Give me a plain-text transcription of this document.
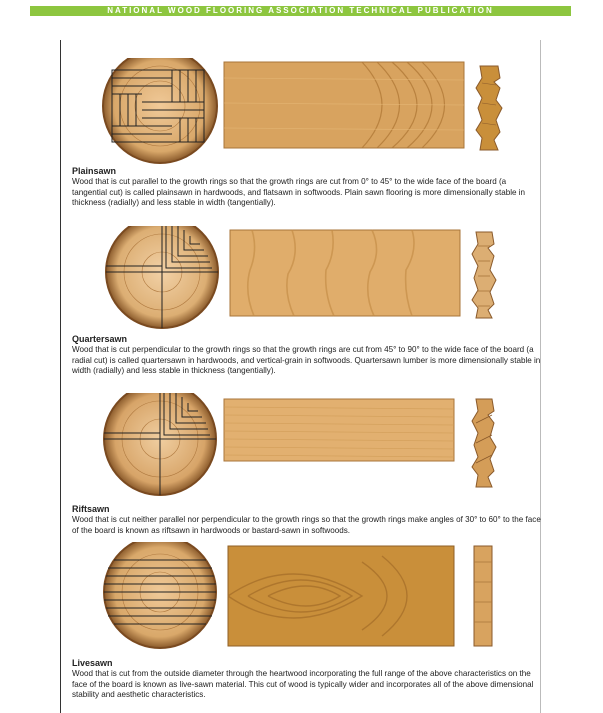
NATIONAL WOOD FLOORING ASSOCIATION TECHNICAL PUBLICATION
Plainsawn
Wood that is cut parallel to the growth rings so that the growth rings are cut from 0° to 45° to the wide face of the board (a tangential cut) is called plainsawn in hardwoods, and flatsawn in softwoods. Plain sawn flooring is more dimensionally stable in thickness (radially) and less stable in width (tangentially).
Quartersawn
Wood that is cut perpendicular to the growth rings so that the growth rings are cut from 45° to 90° to the wide face of the board (a radial cut) is called quartersawn in hardwoods, and vertical-grain in softwoods. Quartersawn lumber is more dimensionally stable in width (radially) and less stable in thickness (tangentially).
Riftsawn
Wood that is cut neither parallel nor perpendicular to the growth rings so that the growth rings make angles of 30° to 60° to the face of the board is known as riftsawn in hardwoods or bastard-sawn in softwoods.
Livesawn
Wood that is cut from the outside diameter through the heartwood incorporating the full range of the above characteristics on the face of the board is known as live-sawn material. This cut of wood is typically wider and incorporates all of the above dimensional stability and aesthetic characteristics.
